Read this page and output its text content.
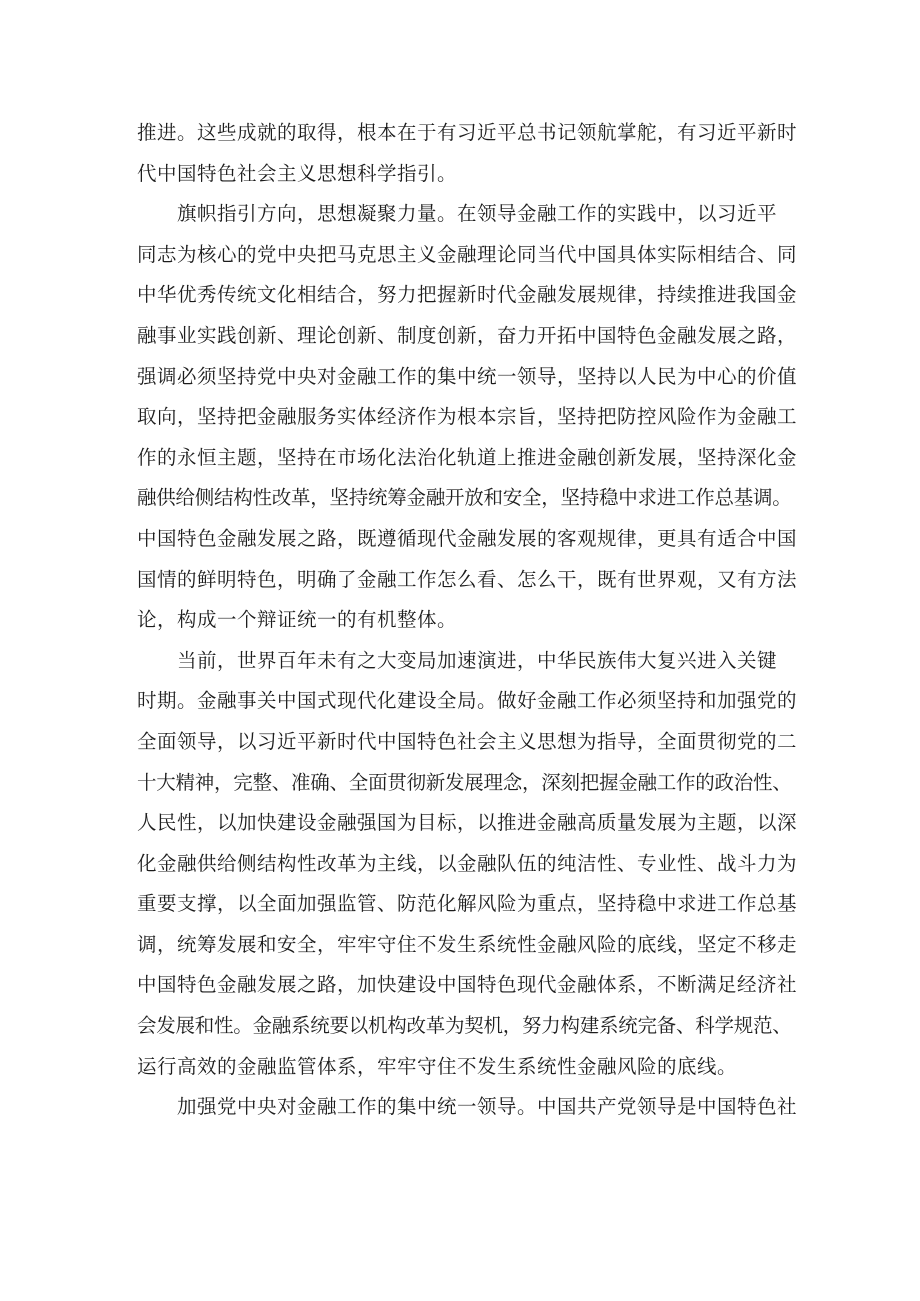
推进。这些成就的取得，根本在于有习近平总书记领航掌舵，有习近平新时
代中国特色社会主义思想科学指引。
旗帜指引方向，思想凝聚力量。在领导金融工作的实践中，以习近平
同志为核心的党中央把马克思主义金融理论同当代中国具体实际相结合、同
中华优秀传统文化相结合，努力把握新时代金融发展规律，持续推进我国金
融事业实践创新、理论创新、制度创新，奋力开拓中国特色金融发展之路，
强调必须坚持党中央对金融工作的集中统一领导，坚持以人民为中心的价值
取向，坚持把金融服务实体经济作为根本宗旨，坚持把防控风险作为金融工
作的永恒主题，坚持在市场化法治化轨道上推进金融创新发展，坚持深化金
融供给侧结构性改革，坚持统筹金融开放和安全，坚持稳中求进工作总基调。
中国特色金融发展之路，既遵循现代金融发展的客观规律，更具有适合中国
国情的鲜明特色，明确了金融工作怎么看、怎么干，既有世界观，又有方法
论，构成一个辩证统一的有机整体。
当前，世界百年未有之大变局加速演进，中华民族伟大复兴进入关键
时期。金融事关中国式现代化建设全局。做好金融工作必须坚持和加强党的
全面领导，以习近平新时代中国特色社会主义思想为指导，全面贯彻党的二
十大精神，完整、准确、全面贯彻新发展理念，深刻把握金融工作的政治性、
人民性，以加快建设金融强国为目标，以推进金融高质量发展为主题，以深
化金融供给侧结构性改革为主线，以金融队伍的纯洁性、专业性、战斗力为
重要支撑，以全面加强监管、防范化解风险为重点，坚持稳中求进工作总基
调，统筹发展和安全，牢牢守住不发生系统性金融风险的底线，坚定不移走
中国特色金融发展之路，加快建设中国特色现代金融体系，不断满足经济社
会发展和性。金融系统要以机构改革为契机，努力构建系统完备、科学规范、
运行高效的金融监管体系，牢牢守住不发生系统性金融风险的底线。
加强党中央对金融工作的集中统一领导。中国共产党领导是中国特色社
